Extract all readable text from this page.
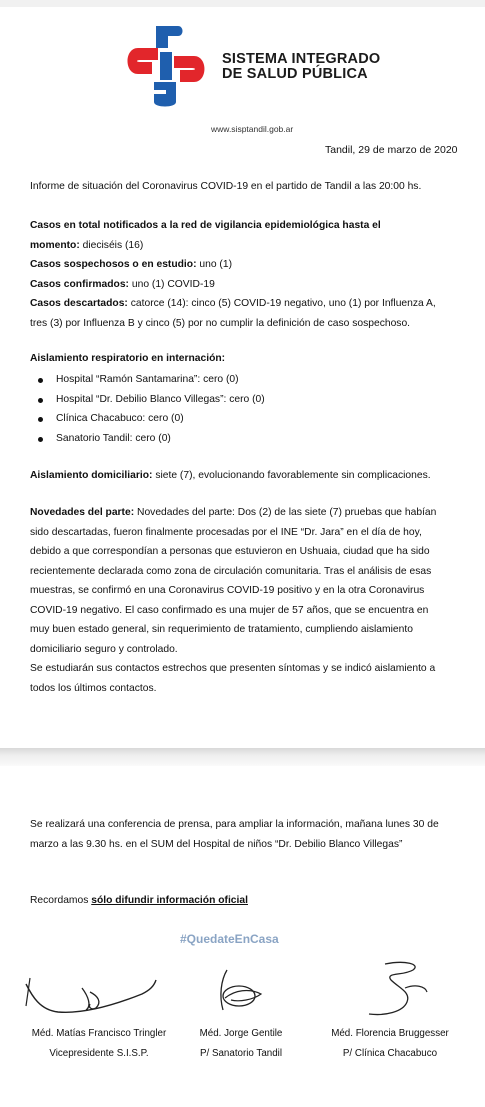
SISTEMA INTEGRADO
DE SALUD PÚBLICA
www.sisptandil.gob.ar
Tandil, 29 de marzo de 2020
Informe de situación del Coronavirus COVID-19 en el partido de Tandil a las 20:00 hs.
Casos en total notificados a la red de vigilancia epidemiológica hasta el
momento: dieciséis (16)
Casos sospechosos o en estudio: uno (1)
Casos confirmados: uno (1) COVID-19
Casos descartados: catorce (14): cinco (5) COVID-19 negativo, uno (1) por Influenza A,
tres (3) por Influenza B y cinco (5) por no cumplir la definición de caso sospechoso.
Aislamiento respiratorio en internación:
Hospital “Ramón Santamarina”: cero (0)
Hospital “Dr. Debilio Blanco Villegas”: cero (0)
Clínica Chacabuco: cero (0)
Sanatorio Tandil: cero (0)
Aislamiento domiciliario: siete (7), evolucionando favorablemente sin complicaciones.
Novedades del parte: Novedades del parte: Dos (2) de las siete (7) pruebas que habían
sido descartadas, fueron finalmente procesadas por el INE “Dr. Jara” en el día de hoy,
debido a que correspondían a personas que estuvieron en Ushuaia, ciudad que ha sido
recientemente declarada como zona de circulación comunitaria. Tras el análisis de esas
muestras, se confirmó en una Coronavirus COVID-19 positivo y en la otra Coronavirus
COVID-19 negativo. El caso confirmado es una mujer de 57 años, que se encuentra en
muy buen estado general, sin requerimiento de tratamiento, cumpliendo aislamiento
domiciliario seguro y controlado.
Se estudiarán sus contactos estrechos que presenten síntomas y se indicó aislamiento a
todos los últimos contactos.
Se realizará una conferencia de prensa, para ampliar la información, mañana lunes 30 de
marzo a las 9.30 hs. en el SUM del Hospital de niños “Dr. Debilio Blanco Villegas”
Recordamos sólo difundir información oficial
#QuedateEnCasa
Méd. Matías Francisco Tringler
Vicepresidente S.I.S.P.
Méd. Jorge Gentile
P/ Sanatorio Tandil
Méd. Florencia Bruggesser
P/ Clínica Chacabuco
